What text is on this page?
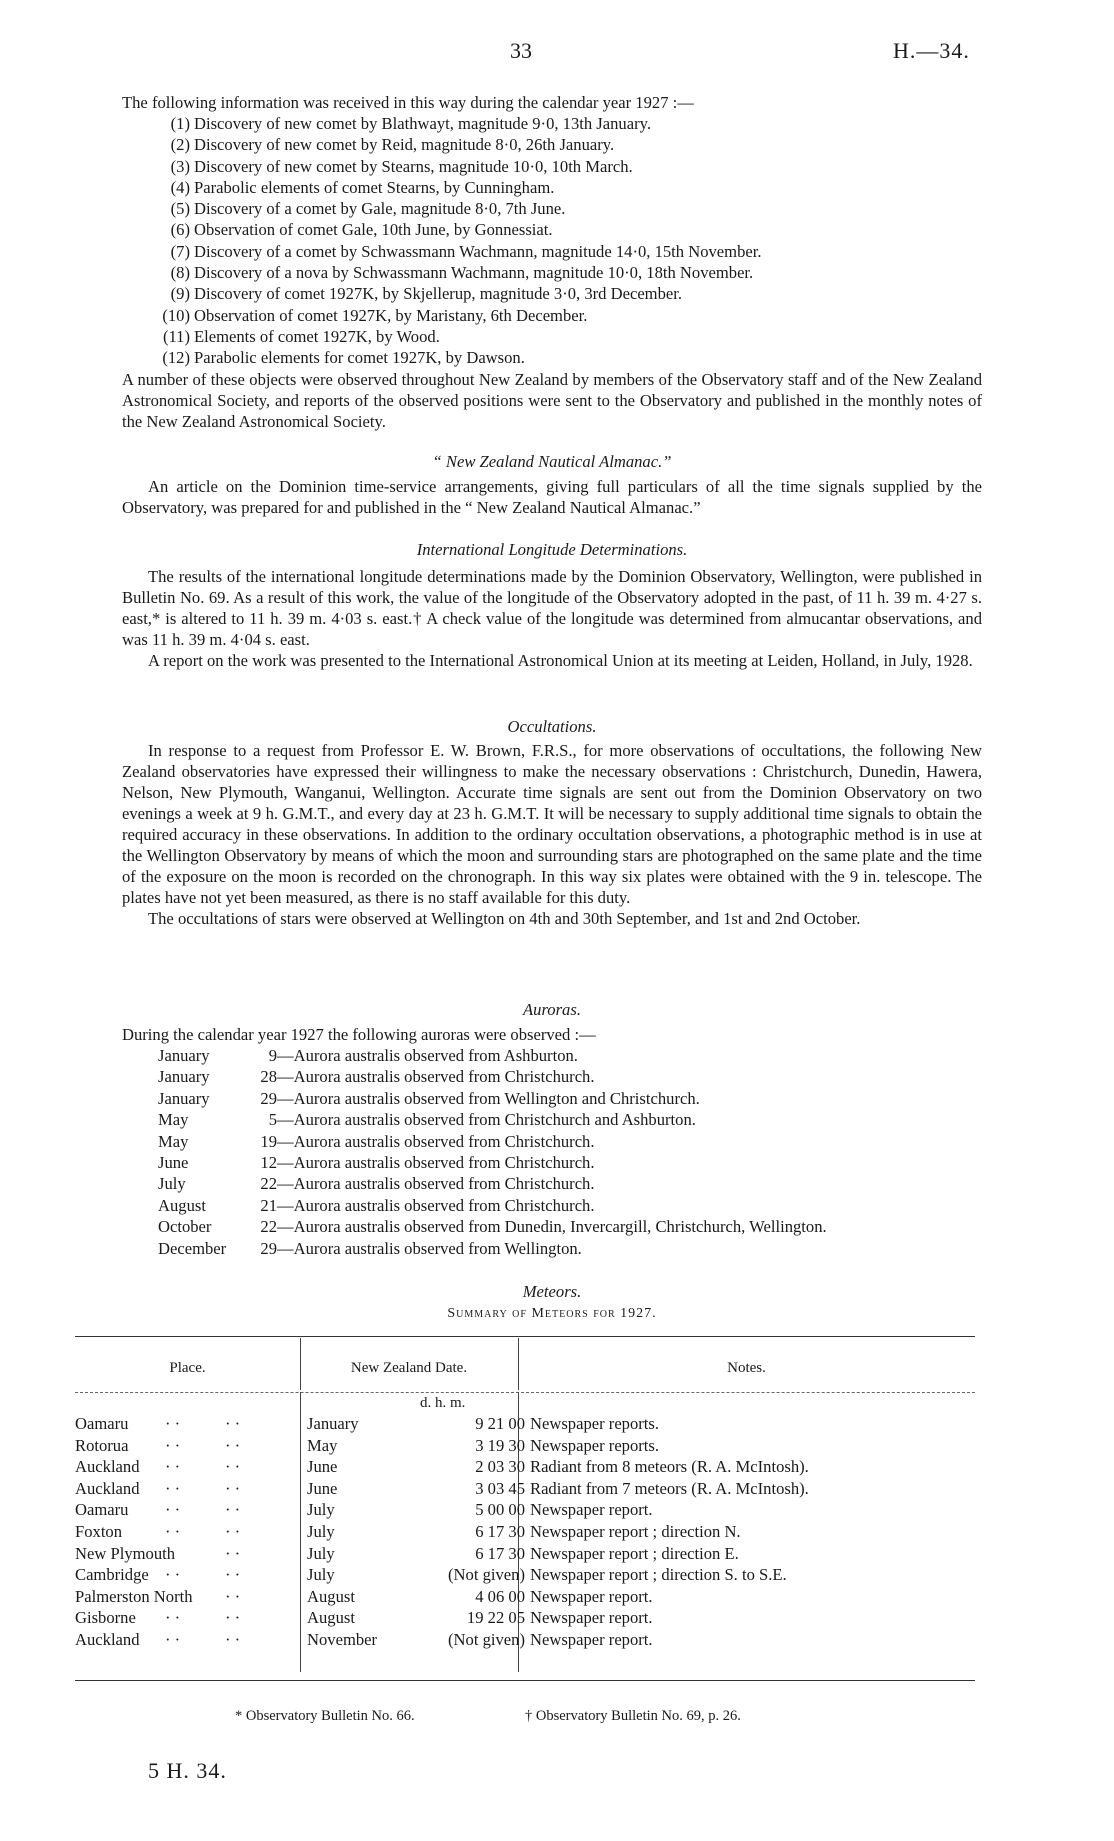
33	H.—34.
The following information was received in this way during the calendar year 1927 :—
(1) Discovery of new comet by Blathwayt, magnitude 9·0, 13th January.
(2) Discovery of new comet by Reid, magnitude 8·0, 26th January.
(3) Discovery of new comet by Stearns, magnitude 10·0, 10th March.
(4) Parabolic elements of comet Stearns, by Cunningham.
(5) Discovery of a comet by Gale, magnitude 8·0, 7th June.
(6) Observation of comet Gale, 10th June, by Gonnessiat.
(7) Discovery of a comet by Schwassmann Wachmann, magnitude 14·0, 15th November.
(8) Discovery of a nova by Schwassmann Wachmann, magnitude 10·0, 18th November.
(9) Discovery of comet 1927K, by Skjellerup, magnitude 3·0, 3rd December.
(10) Observation of comet 1927K, by Maristany, 6th December.
(11) Elements of comet 1927K, by Wood.
(12) Parabolic elements for comet 1927K, by Dawson.

A number of these objects were observed throughout New Zealand by members of the Observatory staff and of the New Zealand Astronomical Society, and reports of the observed positions were sent to the Observatory and published in the monthly notes of the New Zealand Astronomical Society.

“ New Zealand Nautical Almanac.”

An article on the Dominion time-service arrangements, giving full particulars of all the time signals supplied by the Observatory, was prepared for and published in the “ New Zealand Nautical Almanac.”

International Longitude Determinations.

The results of the international longitude determinations made by the Dominion Observatory, Wellington, were published in Bulletin No. 69. As a result of this work, the value of the longitude of the Observatory adopted in the past, of 11 h. 39 m. 4·27 s. east,* is altered to 11 h. 39 m. 4·03 s. east.† A check value of the longitude was determined from almucantar observations, and was 11 h. 39 m. 4·04 s. east.

A report on the work was presented to the International Astronomical Union at its meeting at Leiden, Holland, in July, 1928.

Occultations.

In response to a request from Professor E. W. Brown, F.R.S., for more observations of occultations, the following New Zealand observatories have expressed their willingness to make the necessary observations : Christchurch, Dunedin, Hawera, Nelson, New Plymouth, Wanganui, Wellington. Accurate time signals are sent out from the Dominion Observatory on two evenings a week at 9 h. G.M.T., and every day at 23 h. G.M.T. It will be necessary to supply additional time signals to obtain the required accuracy in these observations. In addition to the ordinary occultation observations, a photographic method is in use at the Wellington Observatory by means of which the moon and surrounding stars are photographed on the same plate and the time of the exposure on the moon is recorded on the chronograph. In this way six plates were obtained with the 9 in. telescope. The plates have not yet been measured, as there is no staff available for this duty.

The occultations of stars were observed at Wellington on 4th and 30th September, and 1st and 2nd October.

Auroras.
During the calendar year 1927 the following auroras were observed :—
January	9—Aurora australis observed from Ashburton.
January	28—Aurora australis observed from Christchurch.
January	29—Aurora australis observed from Wellington and Christchurch.
May	5—Aurora australis observed from Christchurch and Ashburton.
May	19—Aurora australis observed from Christchurch.
June	12—Aurora australis observed from Christchurch.
July	22—Aurora australis observed from Christchurch.
August	21—Aurora australis observed from Christchurch.
October	22—Aurora australis observed from Dunedin, Invercargill, Christchurch, Wellington.
December 29—Aurora australis observed from Wellington.
Meteors.
Summary of Meteors for 1927.
Place.	New Zealand Date.	Notes.
d. h. m.
Oamaru	· ·	· ·	January	9 21 00 Newspaper reports.
Rotorua	· ·	· ·	May	3 19 30 Newspaper reports.
Auckland	· ·	· ·	June	2 03 30 Radiant from 8 meteors (R. A. McIntosh).
Auckland	· ·	· ·	June	3 03 45 Radiant from 7 meteors (R. A. McIntosh).
Oamaru	· ·	· ·	July	5 00 00 Newspaper report.
Foxton	· ·	· ·	July	6 17 30 Newspaper report ; direction N.
New Plymouth	· ·	July	6 17 30 Newspaper report ; direction E.
Cambridge · ·	· ·	July	(Not given) Newspaper report ; direction S. to S.E.
Palmerston North	· ·	August	4 06 00 Newspaper report.
Gisborne	· ·	· ·	August	19 22 05 Newspaper report.
Auckland	· ·	· ·	November	(Not given) Newspaper report.
* Observatory Bulletin No. 66.	† Observatory Bulletin No. 69, p. 26.
5 H. 34.
